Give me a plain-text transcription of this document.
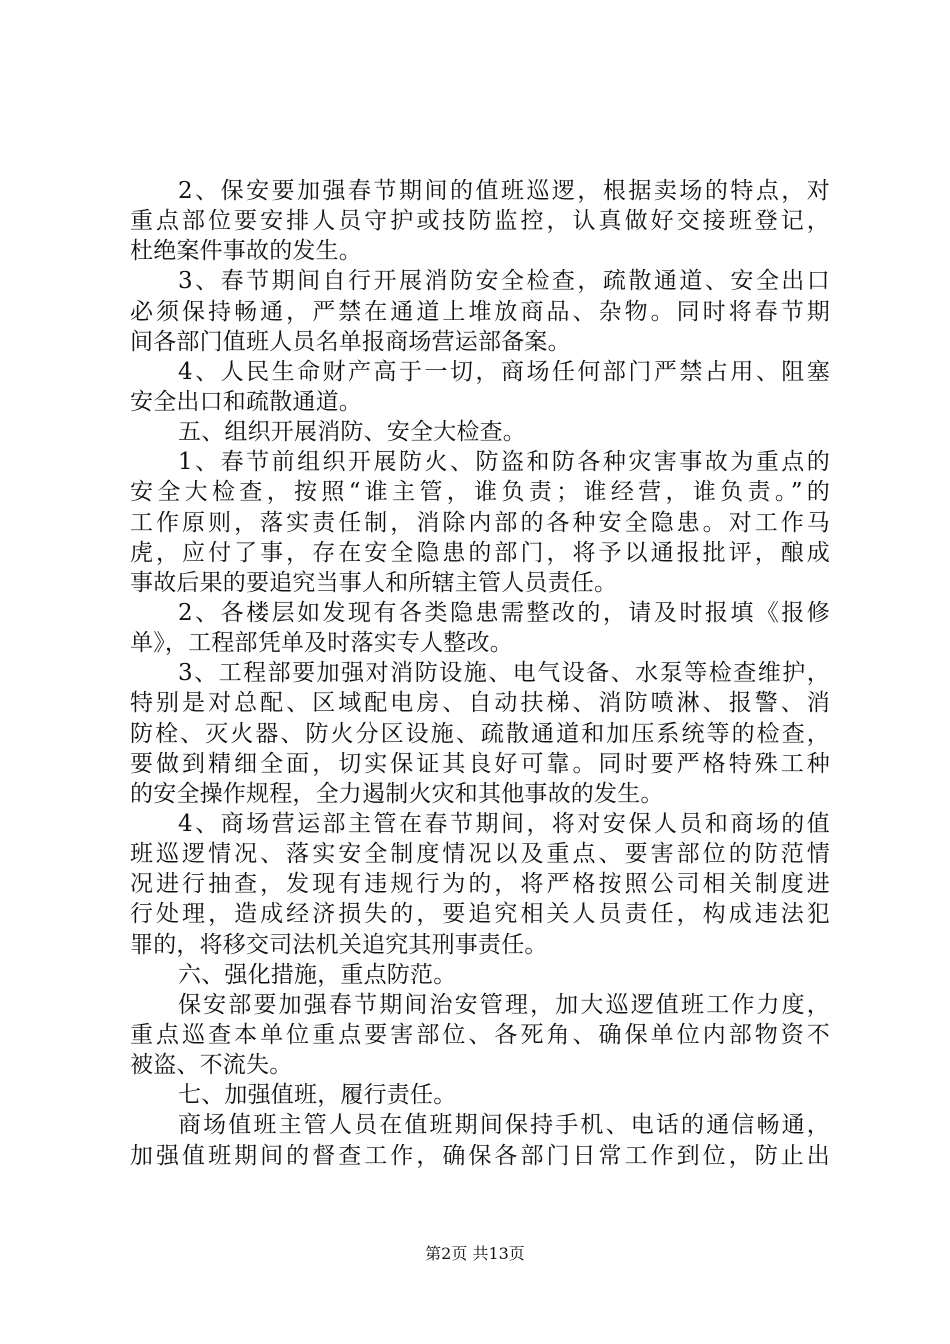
2、保安要加强春节期间的值班巡逻，根据卖场的特点，对
重点部位要安排人员守护或技防监控，认真做好交接班登记，
杜绝案件事故的发生。
3、春节期间自行开展消防安全检查，疏散通道、安全出口
必须保持畅通，严禁在通道上堆放商品、杂物。同时将春节期
间各部门值班人员名单报商场营运部备案。
4、人民生命财产高于一切，商场任何部门严禁占用、阻塞
安全出口和疏散通道。
五、组织开展消防、安全大检查。
1、春节前组织开展防火、防盗和防各种灾害事故为重点的
安全大检查，按照“谁主管，谁负责；谁经营，谁负责。”的
工作原则，落实责任制，消除内部的各种安全隐患。对工作马
虎，应付了事，存在安全隐患的部门，将予以通报批评，酿成
事故后果的要追究当事人和所辖主管人员责任。
2、各楼层如发现有各类隐患需整改的，请及时报填《报修
单》，工程部凭单及时落实专人整改。
3、工程部要加强对消防设施、电气设备、水泵等检查维护，
特别是对总配、区域配电房、自动扶梯、消防喷淋、报警、消
防栓、灭火器、防火分区设施、疏散通道和加压系统等的检查，
要做到精细全面，切实保证其良好可靠。同时要严格特殊工种
的安全操作规程，全力遏制火灾和其他事故的发生。
4、商场营运部主管在春节期间，将对安保人员和商场的值
班巡逻情况、落实安全制度情况以及重点、要害部位的防范情
况进行抽查，发现有违规行为的，将严格按照公司相关制度进
行处理，造成经济损失的，要追究相关人员责任，构成违法犯
罪的，将移交司法机关追究其刑事责任。
六、强化措施，重点防范。
保安部要加强春节期间治安管理，加大巡逻值班工作力度，
重点巡查本单位重点要害部位、各死角、确保单位内部物资不
被盗、不流失。
七、加强值班，履行责任。
商场值班主管人员在值班期间保持手机、电话的通信畅通，
加强值班期间的督查工作，确保各部门日常工作到位，防止出
第2页 共13页
